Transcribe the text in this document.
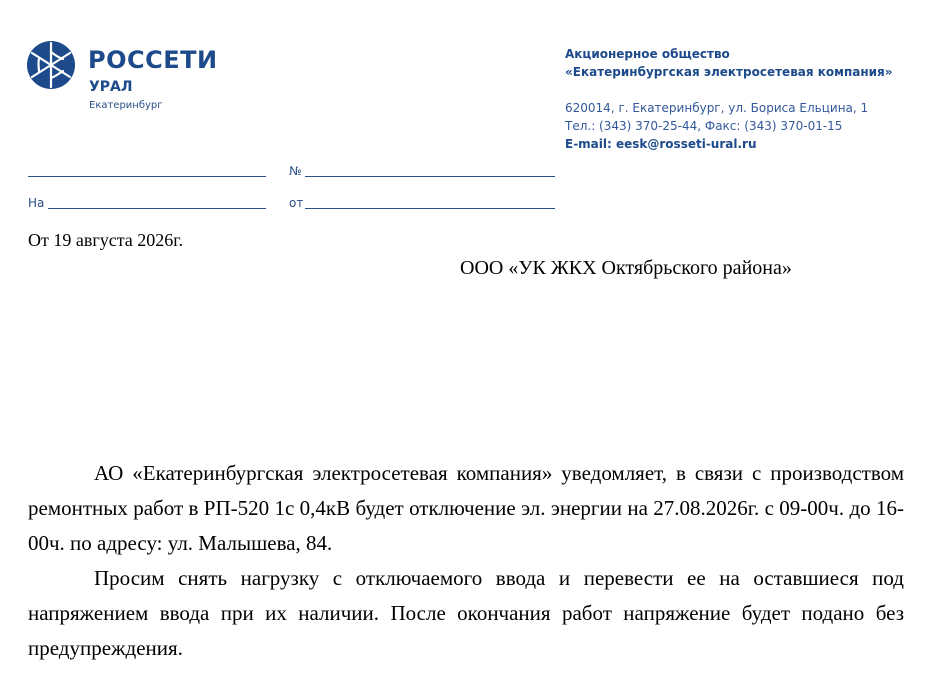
РОССЕТИ
УРАЛ
Екатеринбург
Акционерное общество
«Екатеринбургская электросетевая компания»
620014, г. Екатеринбург, ул. Бориса Ельцина, 1
Тел.: (343) 370-25-44, Факс: (343) 370-01-15
E-mail: eesk@rosseti-ural.ru
№
На	от
От 19 августа 2026г.
ООО «УК ЖКХ Октябрьского района»

АО «Екатеринбургская электросетевая компания» уведомляет, в связи с производством ремонтных работ в РП-520 1с 0,4кВ будет отключение эл. энергии на 27.08.2026г. с 09-00ч. до 16-00ч. по адресу: ул. Малышева, 84.

Просим снять нагрузку с отключаемого ввода и перевести ее на оставшиеся под напряжением ввода при их наличии. После окончания работ напряжение будет подано без предупреждения.
